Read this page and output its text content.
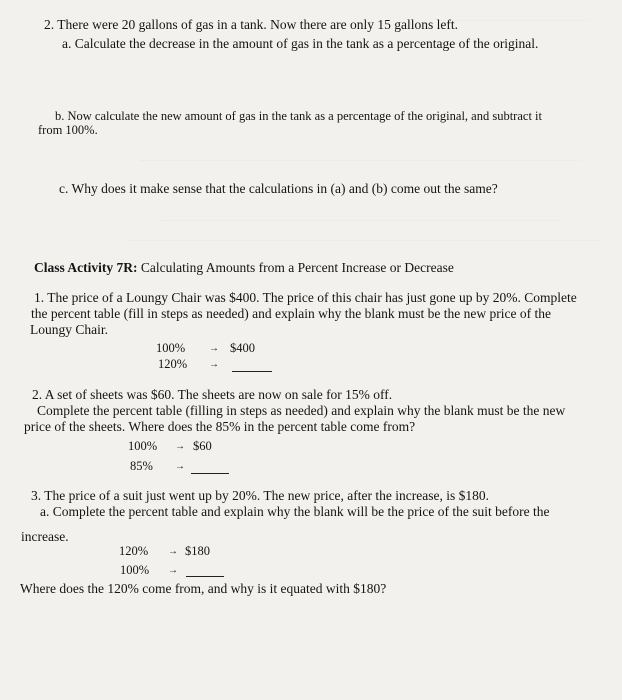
2. There were 20 gallons of gas in a tank. Now there are only 15 gallons left.
a. Calculate the decrease in the amount of gas in the tank as a percentage of the original.
b. Now calculate the new amount of gas in the tank as a percentage of the original, and subtract it
from 100%.
c. Why does it make sense that the calculations in (a) and (b) come out the same?
Class Activity 7R: Calculating Amounts from a Percent Increase or Decrease
1. The price of a Loungy Chair was $400. The price of this chair has just gone up by 20%. Complete
the percent table (fill in steps as needed) and explain why the blank must be the new price of the
Loungy Chair.
100% → $400
120% →
2. A set of sheets was $60. The sheets are now on sale for 15% off.
Complete the percent table (filling in steps as needed) and explain why the blank must be the new
price of the sheets. Where does the 85% in the percent table come from?
100% → $60
85% →
3. The price of a suit just went up by 20%. The new price, after the increase, is $180.
a. Complete the percent table and explain why the blank will be the price of the suit before the
increase.
120% → $180
100% →
Where does the 120% come from, and why is it equated with $180?
